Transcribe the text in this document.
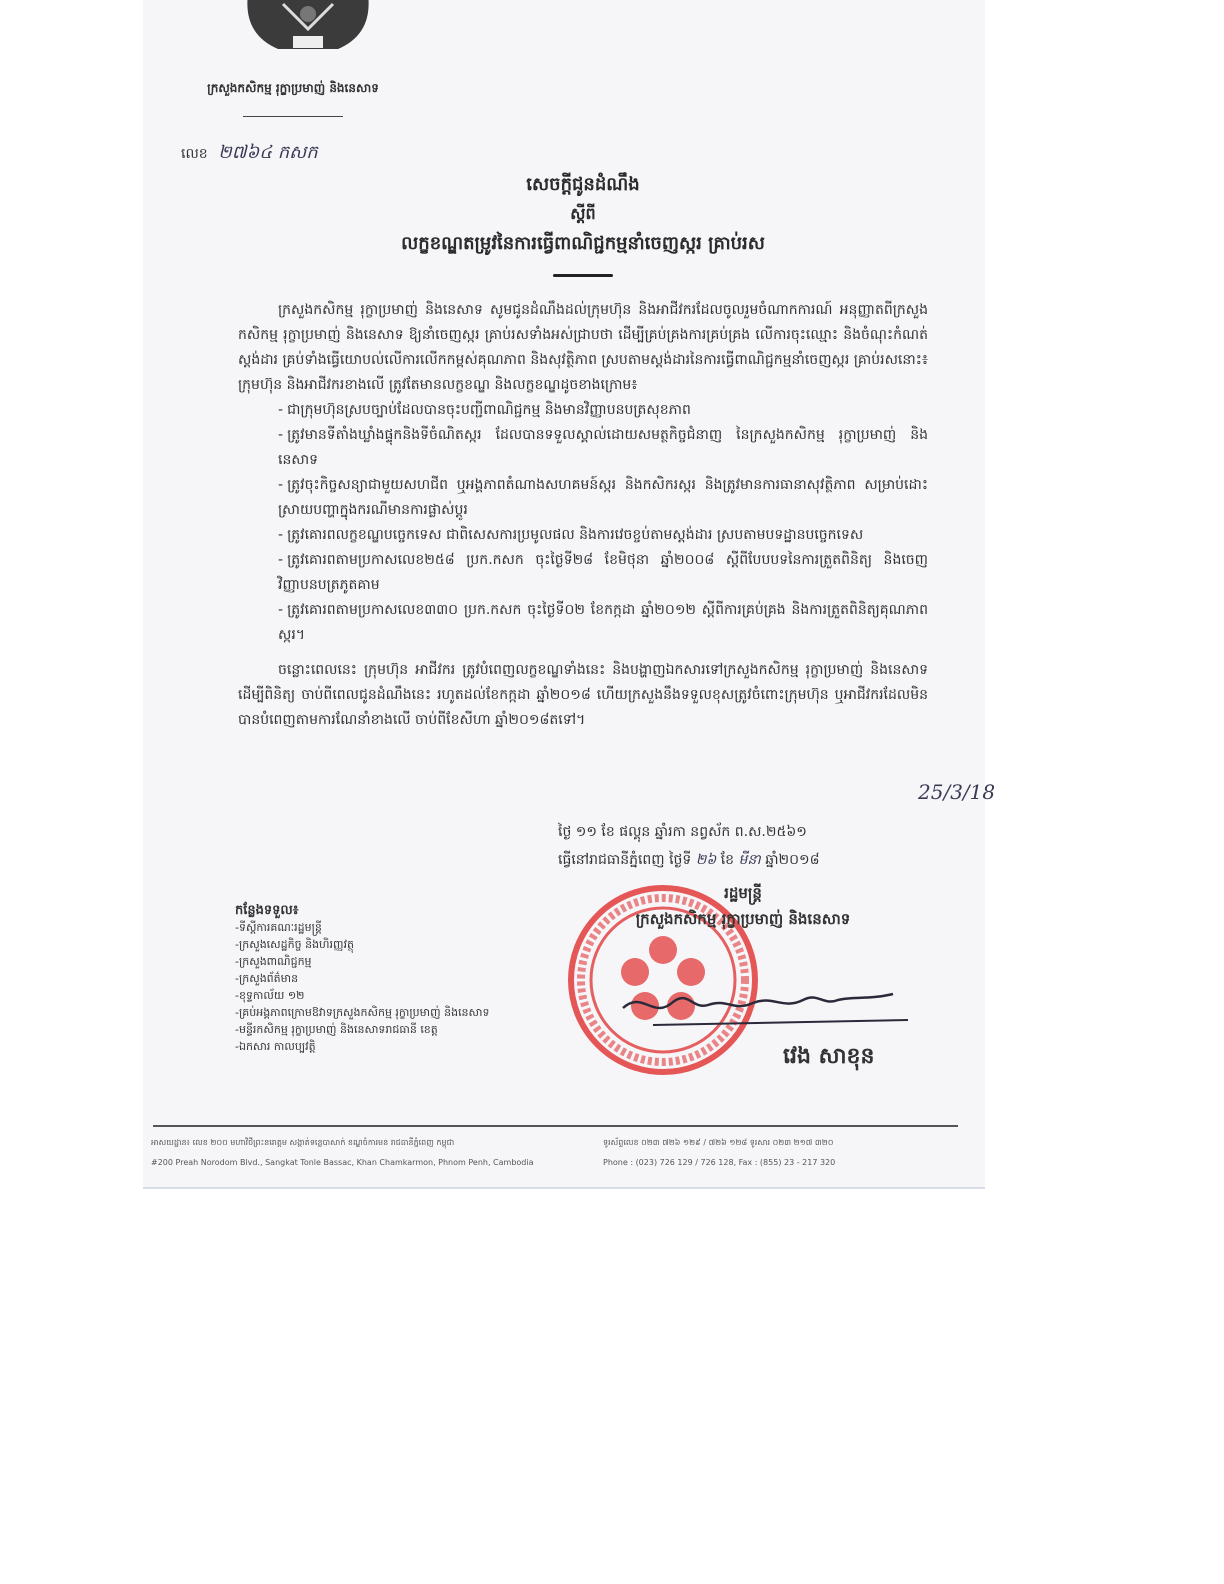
ក្រសួងកសិកម្ម រុក្ខាប្រមាញ់ និងនេសាទ
លេខ ២៧៦៤ កសក
សេចក្តីជូនដំណឹង
ស្តីពី
លក្ខខណ្ឌតម្រូវនៃការធ្វើពាណិជ្ជកម្មនាំចេញស្ករ គ្រាប់រស

ក្រសួងកសិកម្ម រុក្ខាប្រមាញ់ និងនេសាទ សូមជូនដំណឹងដល់ក្រុមហ៊ុន និងអាជីវករដែលចូលរួមចំណាកការណ៍ អនុញ្ញាតពីក្រសួងកសិកម្ម រុក្ខាប្រមាញ់ និងនេសាទ ឱ្យនាំចេញស្ករ គ្រាប់រសទាំងអស់ជ្រាបថា ដើម្បីគ្រប់គ្រងការគ្រប់គ្រង លើការចុះឈ្មោះ និងចំណុះកំណត់ស្តង់ដារ គ្រប់ទាំងធ្វើយោបល់លើការលើកកម្ពស់គុណភាព និងសុវត្ថិភាព ស្របតាមស្តង់ដារនៃការធ្វើពាណិជ្ជកម្មនាំចេញស្ករ គ្រាប់រសនោះ៖ ក្រុមហ៊ុន និងអាជីវករខាងលើ ត្រូវតែមានលក្ខខណ្ឌ និងលក្ខខណ្ឌដូចខាងក្រោម៖

- ជាក្រុមហ៊ុនស្របច្បាប់ដែលបានចុះបញ្ជីពាណិជ្ជកម្ម និងមានវិញ្ញាបនបត្រសុខភាព
- ត្រូវមានទីតាំងឃ្លាំងផ្ទុកនិងទីចំណិតស្ករ ដែលបានទទួលស្គាល់ដោយសមត្ថកិច្ចជំនាញ នៃក្រសួងកសិកម្ម រុក្ខាប្រមាញ់ និងនេសាទ
- ត្រូវចុះកិច្ចសន្យាជាមួយសហជីព ឬអង្គភាពតំណាងសហគមន៍ស្ករ និងកសិករស្ករ និងត្រូវមានការធានាសុវត្ថិភាព សម្រាប់ដោះស្រាយបញ្ហាក្នុងករណីមានការផ្លាស់ប្តូរ
- ត្រូវគោរពលក្ខខណ្ឌបច្ចេកទេស ជាពិសេសការប្រមូលផល និងការវេចខ្ចប់តាមស្តង់ដារ ស្របតាមបទដ្ឋានបច្ចេកទេស
- ត្រូវគោរពតាមប្រកាសលេខ២៥៨ ប្រក.កសក ចុះថ្ងៃទី២៨ ខែមិថុនា ឆ្នាំ២០០៨ ស្តីពីបែបបទនៃការត្រួតពិនិត្យ និងចេញវិញ្ញាបនបត្រភូតគាម
- ត្រូវគោរពតាមប្រកាសលេខ៣៣០ ប្រក.កសក ចុះថ្ងៃទី០២ ខែកក្កដា ឆ្នាំ២០១២ ស្តីពីការគ្រប់គ្រង និងការត្រួតពិនិត្យគុណភាពស្ករ។

ចន្លោះពេលនេះ ក្រុមហ៊ុន អាជីវករ ត្រូវបំពេញលក្ខខណ្ឌទាំងនេះ និងបង្ហាញឯកសារទៅក្រសួងកសិកម្ម រុក្ខាប្រមាញ់ និងនេសាទ ដើម្បីពិនិត្យ ចាប់ពីពេលជូនដំណឹងនេះ រហូតដល់ខែកក្កដា ឆ្នាំ២០១៨ ហើយក្រសួងនឹងទទួលខុសត្រូវចំពោះក្រុមហ៊ុន ឬអាជីវករដែលមិនបានបំពេញតាមការណែនាំខាងលើ ចាប់ពីខែសីហា ឆ្នាំ២០១៨តទៅ។

25/3/18
ថ្ងៃ ១១ ខែ ផល្គុន ឆ្នាំរកា នព្វស័ក ព.ស.២៥៦១
ធ្វើនៅរាជធានីភ្នំពេញ ថ្ងៃទី ២៦ ខែ មីនា ឆ្នាំ២០១៨
កន្លែងទទួល៖
-ទីស្តីការគណៈរដ្ឋមន្ត្រី
-ក្រសួងសេដ្ឋកិច្ច និងហិរញ្ញវត្ថុ
-ក្រសួងពាណិជ្ជកម្ម
-ក្រសួងព័ត៌មាន
-ខុទ្ទកាល័យ ១២
-គ្រប់អង្គភាពក្រោមឱវាទក្រសួងកសិកម្ម រុក្ខាប្រមាញ់ និងនេសាទ
-មន្ទីរកសិកម្ម រុក្ខាប្រមាញ់ និងនេសាទរាជធានី ខេត្ត
-ឯកសារ កាលប្បវត្តិ
រដ្ឋមន្ត្រី
ក្រសួងកសិកម្ម រុក្ខាប្រមាញ់ និងនេសាទ
វេង សាខុន
អាសយដ្ឋាន៖ លេខ ២០០ មហាវិថីព្រះនរោត្តម សង្កាត់ទន្លេបាសាក់ ខណ្ឌចំការមន រាជធានីភ្នំពេញ កម្ពុជា
#200 Preah Norodom Blvd., Sangkat Tonle Bassac, Khan Chamkarmon, Phnom Penh, Cambodia
ទូរស័ព្ទលេខ ០២៣ ៧២៦ ១២៩ / ៧២៦ ១២៨ ទូរសារ ០២៣ ២១៧ ៣២០
Phone : (023) 726 129 / 726 128, Fax : (855) 23 - 217 320
